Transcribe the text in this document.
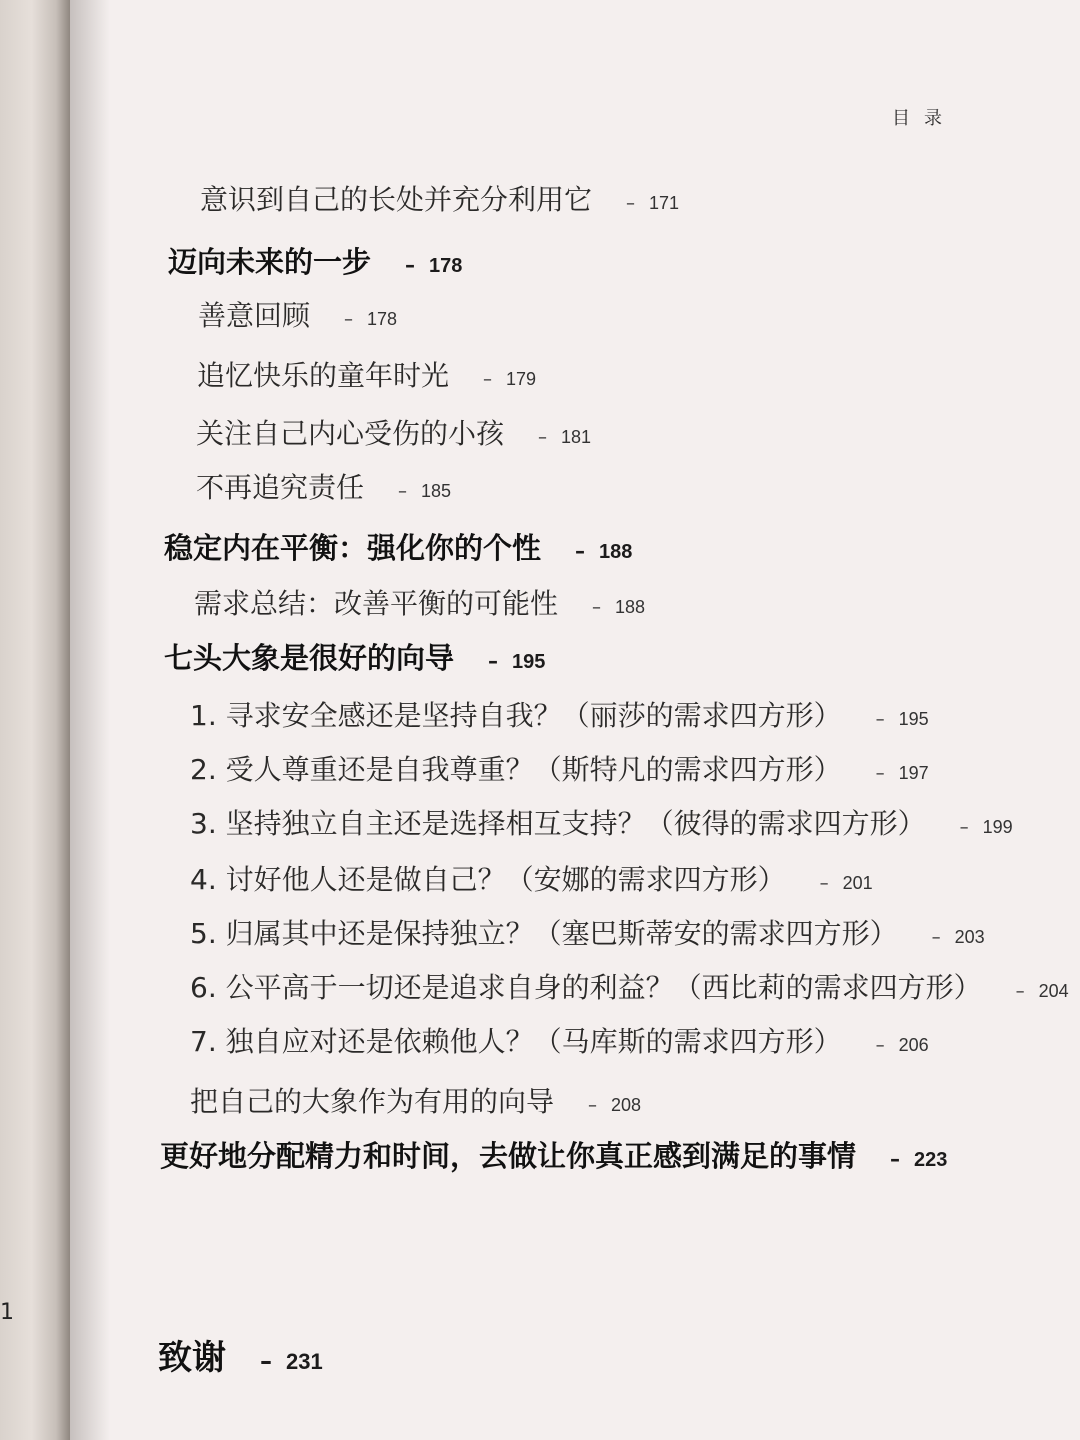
1
目录
意识到自己的长处并充分利用它 – 171
迈向未来的一步 – 178
善意回顾 – 178
追忆快乐的童年时光 – 179
关注自己内心受伤的小孩 – 181
不再追究责任 – 185
稳定内在平衡：强化你的个性 – 188
需求总结：改善平衡的可能性 – 188
七头大象是很好的向导 – 195
1. 寻求安全感还是坚持自我？（丽莎的需求四方形） – 195
2. 受人尊重还是自我尊重？（斯特凡的需求四方形） – 197
3. 坚持独立自主还是选择相互支持？（彼得的需求四方形） – 199
4. 讨好他人还是做自己？（安娜的需求四方形） – 201
5. 归属其中还是保持独立？（塞巴斯蒂安的需求四方形） – 203
6. 公平高于一切还是追求自身的利益？（西比莉的需求四方形） – 204
7. 独自应对还是依赖他人？（马库斯的需求四方形） – 206
把自己的大象作为有用的向导 – 208
更好地分配精力和时间，去做让你真正感到满足的事情 – 223
致谢 – 231
